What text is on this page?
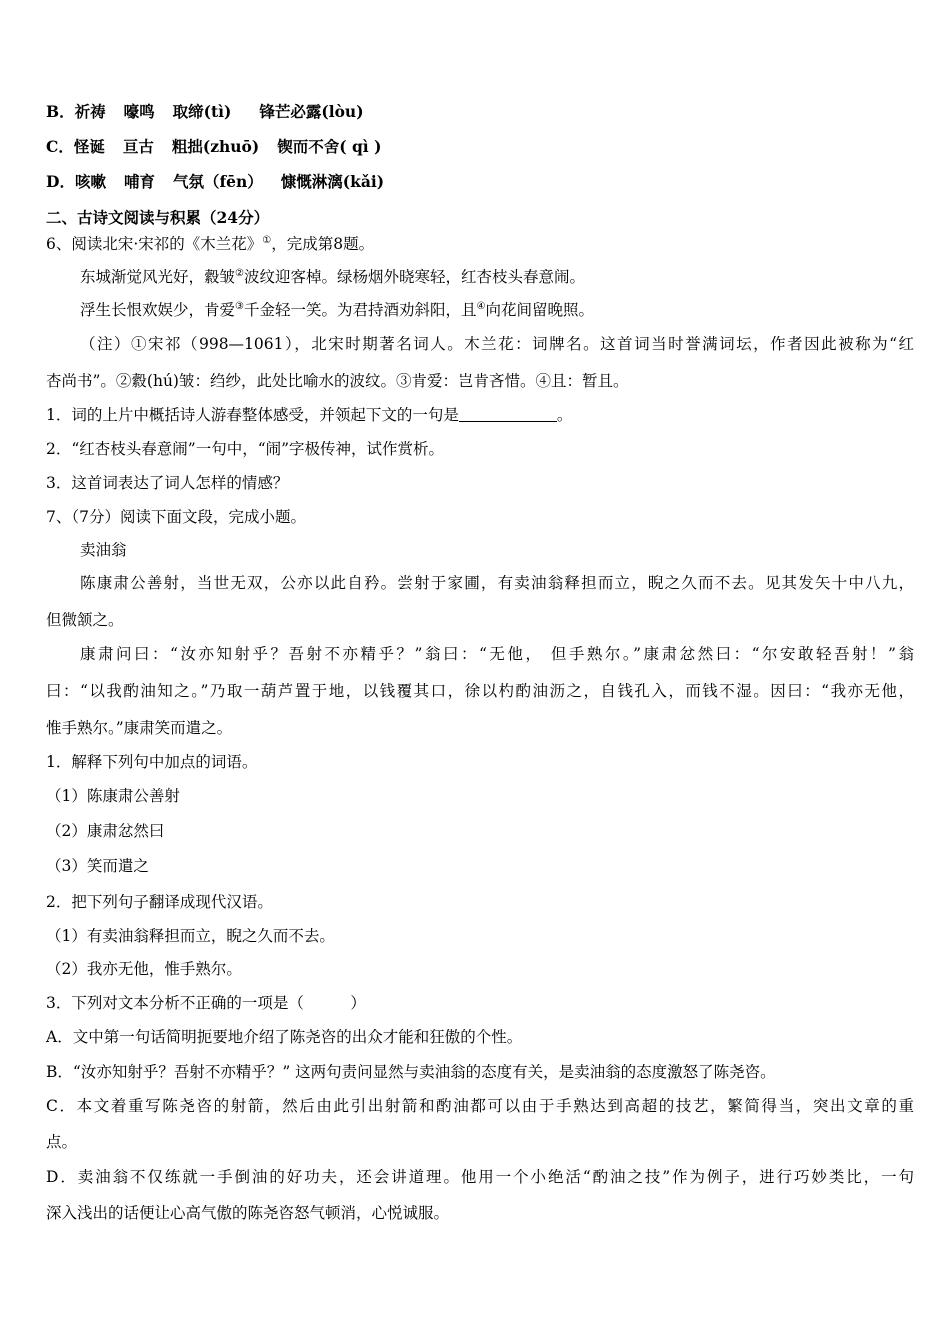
B．祈祷 嚎鸣 取缔(tì) 锋芒必露(lòu)
C．怪诞 亘古 粗拙(zhuō) 锲而不舍( qì )
D．咳嗽 哺育 气氛（fēn） 慷慨淋漓(kǎi)
二、古诗文阅读与积累（24分）
6、阅读北宋·宋祁的《木兰花》①，完成第8题。
东城渐觉风光好，縠皱②波纹迎客棹。绿杨烟外晓寒轻，红杏枝头春意闹。
浮生长恨欢娱少，肯爱③千金轻一笑。为君持酒劝斜阳，且④向花间留晚照。
（注）①宋祁（998—1061），北宋时期著名词人。木兰花：词牌名。这首词当时誉满词坛，作者因此被称为“红
杏尚书”。②縠(hú)皱：绉纱，此处比喻水的波纹。③肯爱：岂肯吝惜。④且：暂且。
1．词的上片中概括诗人游春整体感受，并领起下文的一句是	。
2．“红杏枝头春意闹”一句中，“闹”字极传神，试作赏析。
3．这首词表达了词人怎样的情感？
7、（7分）阅读下面文段，完成小题。
卖油翁
陈康肃公善射，当世无双，公亦以此自矜。尝射于家圃，有卖油翁释担而立，睨之久而不去。见其发矢十中八九，
但微颔之。
康肃问曰：“汝亦知射乎？吾射不亦精乎？”翁曰：“无他， 但手熟尔。”康肃忿然曰：“尔安敢轻吾射！”翁
曰：“以我酌油知之。”乃取一葫芦置于地，以钱覆其口，徐以杓酌油沥之，自钱孔入，而钱不湿。因曰：“我亦无他，
惟手熟尔。”康肃笑而遣之。
1．解释下列句中加点的词语。
（1）陈康肃公善射
（2）康肃忿然曰
（3）笑而遣之
2．把下列句子翻译成现代汉语。
（1）有卖油翁释担而立，睨之久而不去。
（2）我亦无他，惟手熟尔。
3．下列对文本分析不正确的一项是（　　　）
A．文中第一句话简明扼要地介绍了陈尧咨的出众才能和狂傲的个性。
B．“汝亦知射乎？吾射不亦精乎？” 这两句责问显然与卖油翁的态度有关，是卖油翁的态度激怒了陈尧咨。
C．本文着重写陈尧咨的射箭，然后由此引出射箭和酌油都可以由于手熟达到高超的技艺，繁简得当，突出文章的重
点。
D．卖油翁不仅练就一手倒油的好功夫，还会讲道理。他用一个小绝活“酌油之技”作为例子，进行巧妙类比，一句
深入浅出的话便让心高气傲的陈尧咨怒气顿消，心悦诚服。
